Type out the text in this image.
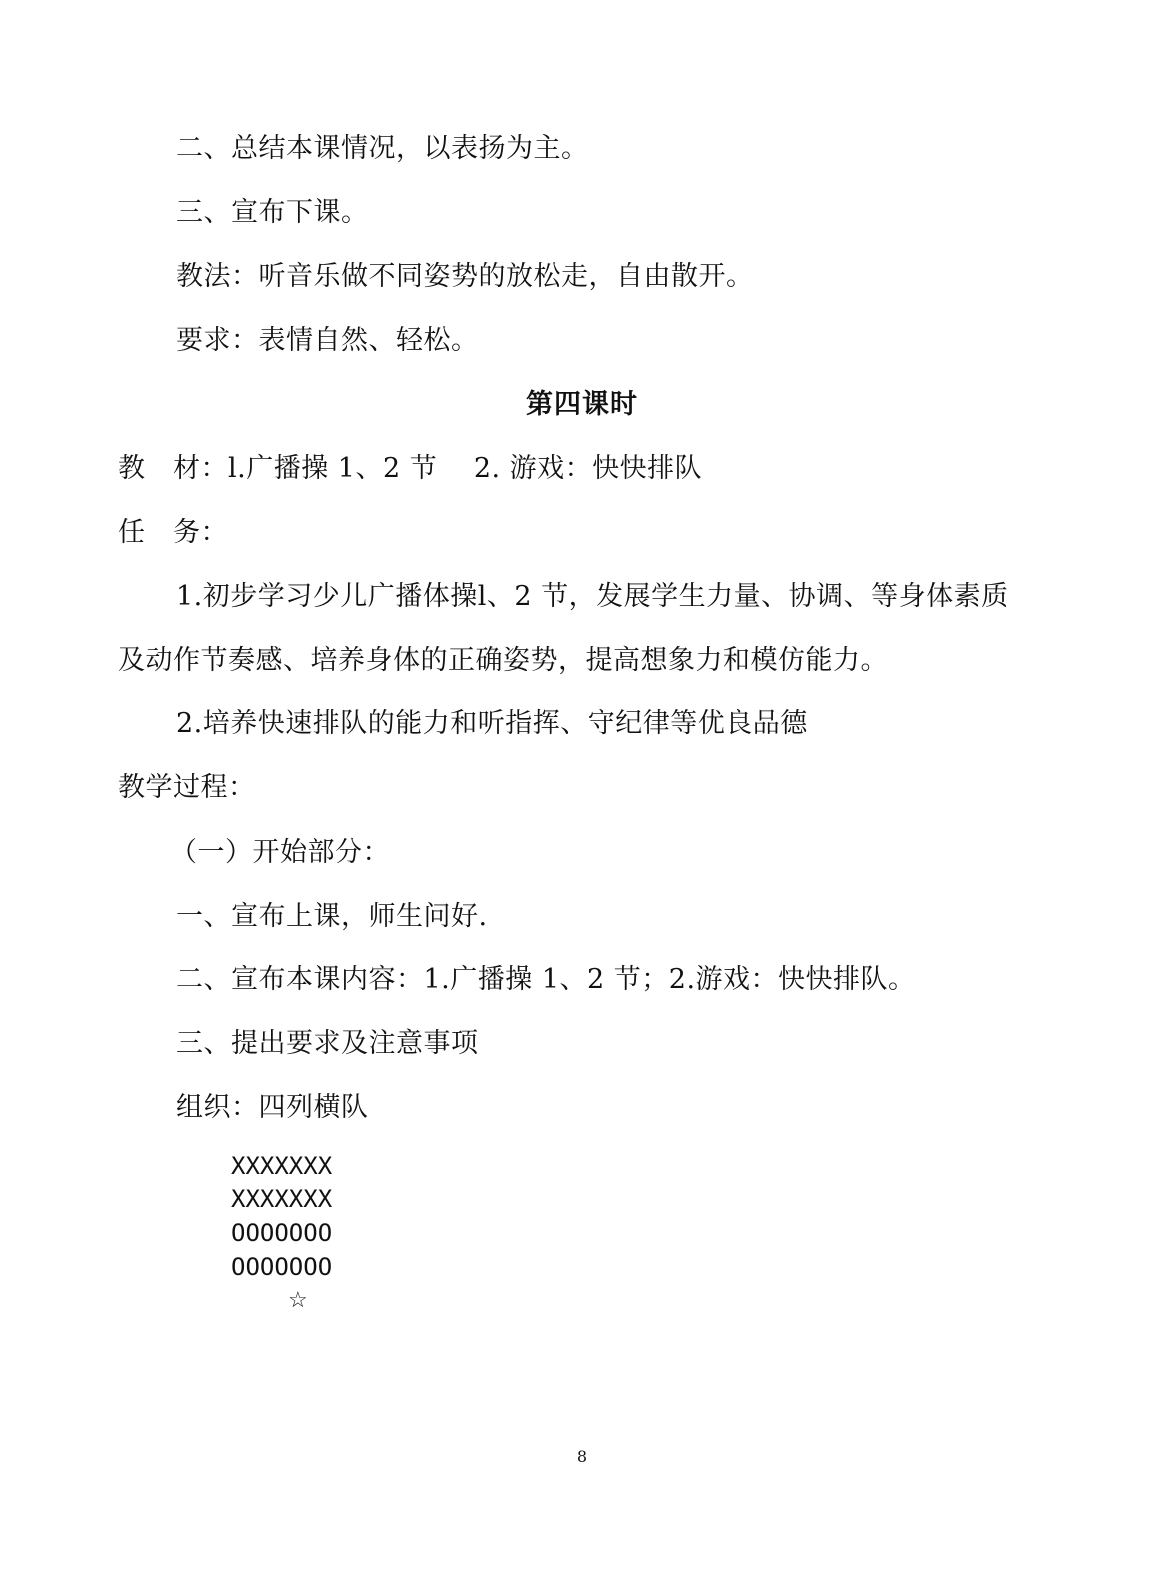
二、总结本课情况，以表扬为主。
三、宣布下课。
教法：听音乐做不同姿势的放松走，自由散开。
要求：表情自然、轻松。
第四课时
教　材：l.广播操 1、2 节　 2. 游戏：快快排队
任　务：
1.初步学习少儿广播体操l、2 节，发展学生力量、协调、等身体素质
及动作节奏感、培养身体的正确姿势，提高想象力和模仿能力。
2.培养快速排队的能力和听指挥、守纪律等优良品德
教学过程：
（一）开始部分：
一、宣布上课，师生问好.
二、宣布本课内容：1.广播操 1、2 节；2.游戏：快快排队。
三、提出要求及注意事项
组织：四列横队
XXXXXXX
XXXXXXX
OOOOOOO
OOOOOOO
☆
8
